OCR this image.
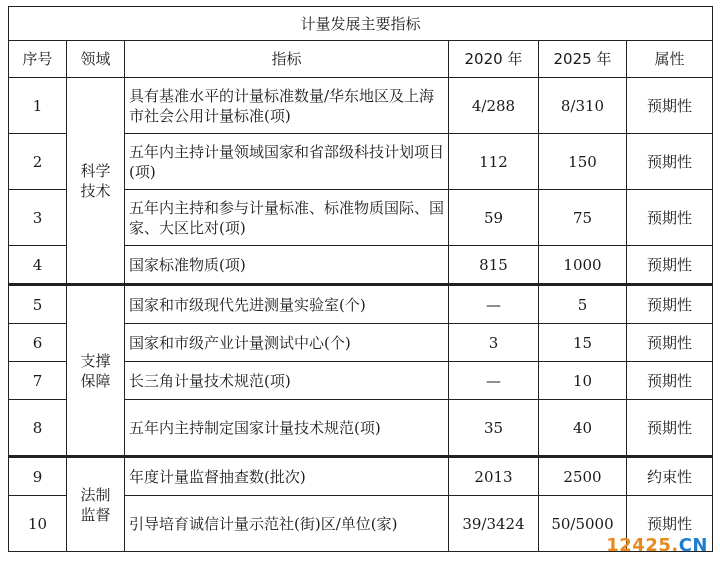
计量发展主要指标					
序号	领域	指标	2020 年	2025 年	属性
1	科学技术	具有基准水平的计量标准数量/华东地区及上海市社会公用计量标准(项)	4/288	8/310	预期性
2		五年内主持计量领域国家和省部级科技计划项目(项)	112	150	预期性
3		五年内主持和参与计量标准、标准物质国际、国家、大区比对(项)	59	75	预期性
4		国家标准物质(项)	815	1000	预期性
5	支撑保障	国家和市级现代先进测量实验室(个)	—	5	预期性
6		国家和市级产业计量测试中心(个)	3	15	预期性
7		长三角计量技术规范(项)	—	10	预期性
8		五年内主持制定国家计量技术规范(项)	35	40	预期性
9	法制监督	年度计量监督抽查数(批次)	2013	2500	约束性
10		引导培育诚信计量示范社(街)区/单位(家)	39/3424	50/5000	预期性
12425.CN
